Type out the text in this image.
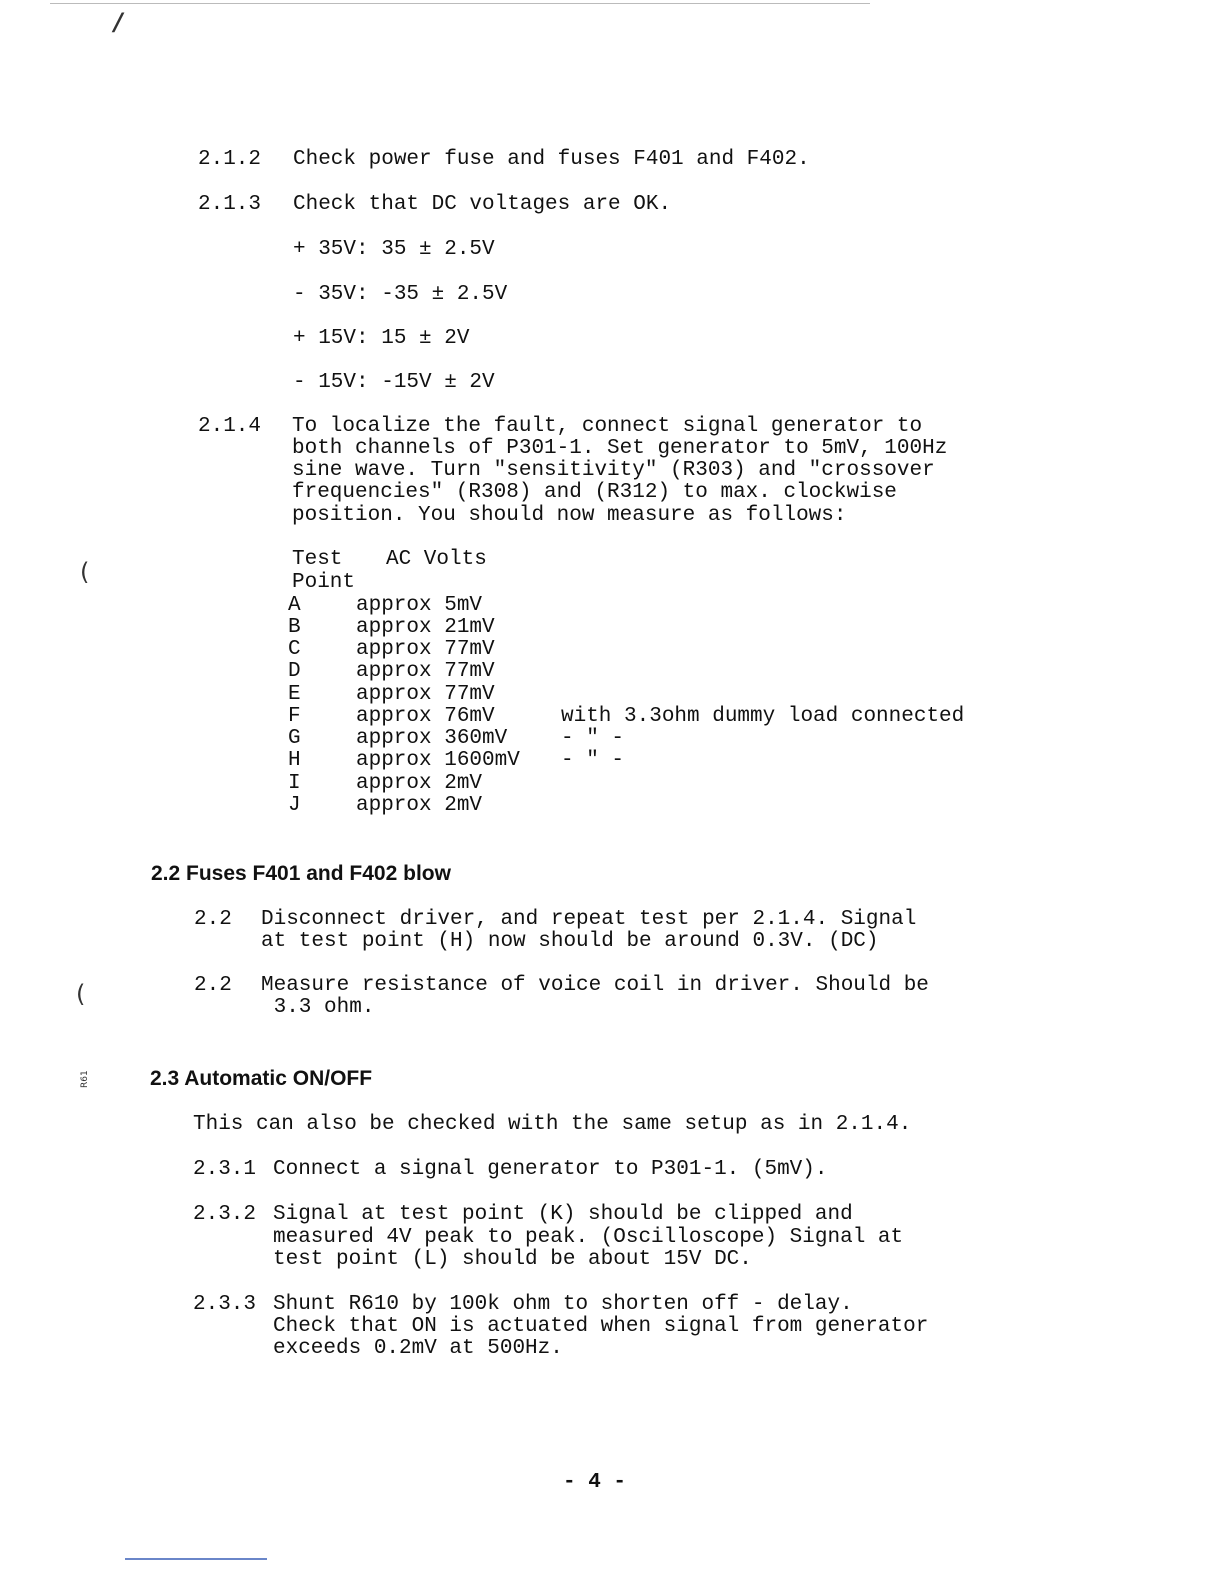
/
(
(
R61
2.1.2 Check power fuse and fuses F401 and F402.
2.1.3 Check that DC voltages are OK.
+ 35V: 35 ± 2.5V
- 35V: -35 ± 2.5V
+ 15V: 15 ± 2V
- 15V: -15V ± 2V
2.1.4 To localize the fault, connect signal generator to
both channels of P301-1. Set generator to 5mV, 100Hz
sine wave. Turn "sensitivity" (R303) and "crossover
frequencies" (R308) and (R312) to max. clockwise
position. You should now measure as follows:
Test AC Volts
Point
A	approx 5mV
B	approx 21mV
C	approx 77mV
D	approx 77mV
E	approx 77mV
F	approx 76mV	with 3.3ohm dummy load connected
G	approx 360mV	- " -
H	approx 1600mV - " -
I	approx 2mV
J	approx 2mV
2.2 Fuses F401 and F402 blow
2.2 Disconnect driver, and repeat test per 2.1.4. Signal
at test point (H) now should be around 0.3V. (DC)
2.2 Measure resistance of voice coil in driver. Should be
3.3 ohm.
2.3 Automatic ON/OFF
This can also be checked with the same setup as in 2.1.4.
2.3.1 Connect a signal generator to P301-1. (5mV).
2.3.2 Signal at test point (K) should be clipped and
measured 4V peak to peak. (Oscilloscope) Signal at
test point (L) should be about 15V DC.
2.3.3 Shunt R610 by 100k ohm to shorten off - delay.
Check that ON is actuated when signal from generator
exceeds 0.2mV at 500Hz.
- 4 -
